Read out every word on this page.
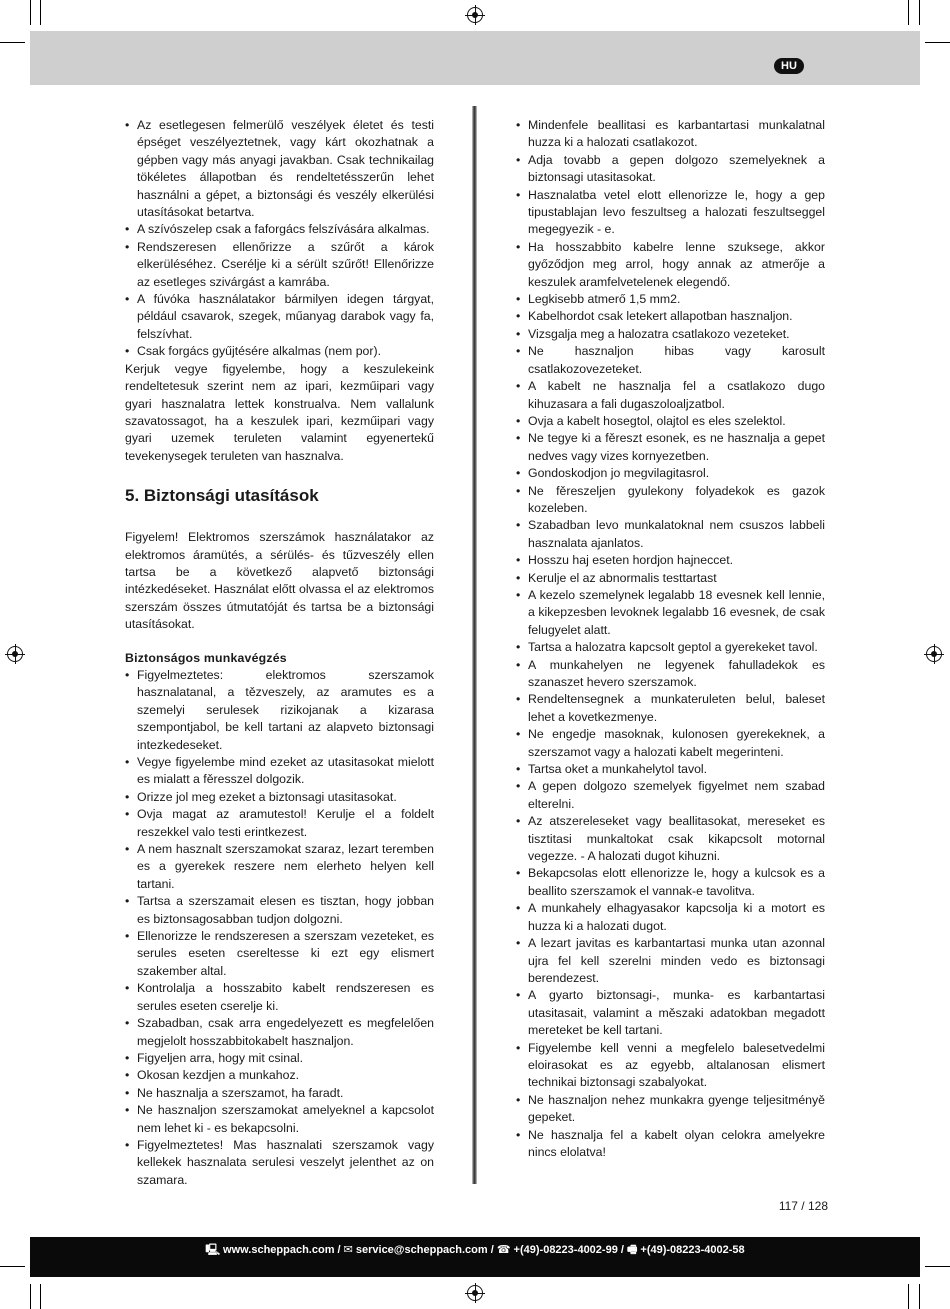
HU
• Az esetlegesen felmerülő veszélyek életet és testi épséget veszélyeztetnek, vagy kárt okozhatnak a gépben vagy más anyagi javakban. Csak technikailag tökéletes állapotban és rendeltetésszerűn lehet használni a gépet, a biztonsági és veszély elkerülési utasításokat betartva.
• A szívószelep csak a faforgács felszívására alkalmas.
• Rendszeresen ellenőrizze a szűrőt a károk elkerüléséhez. Cserélje ki a sérült szűrőt! Ellenőrizze az esetleges szivárgást a kamrába.
• A fúvóka használatakor bármilyen idegen tárgyat, például csavarok, szegek, műanyag darabok vagy fa, felszívhat.
• Csak forgács gyűjtésére alkalmas (nem por).

Kerjuk vegye figyelembe, hogy a keszulekeink rendeltetesuk szerint nem az ipari, kezműipari vagy gyari hasznalatra lettek konstrualva. Nem vallalunk szavatossagot, ha a keszulek ipari, kezműipari vagy gyari uzemek teruleten valamint egyenertekű tevekenysegek teruleten van hasznalva.

5. Biztonsági utasítások

Figyelem! Elektromos szerszámok használatakor az elektromos áramütés, a sérülés- és tűzveszély ellen tartsa be a következő alapvető biztonsági intézkedéseket. Használat előtt olvassa el az elektromos szerszám összes útmutatóját és tartsa be a biztonsági utasításokat.

Biztonságos munkavégzés
• Figyelmeztetes: elektromos szerszamok hasznalatanal, a tězveszely, az aramutes es a szemelyi serulesek rizikojanak a kizarasa szempontjabol, be kell tartani az alapveto biztonsagi intezkedeseket.
• Vegye figyelembe mind ezeket az utasitasokat mielott es mialatt a fěresszel dolgozik.
• Orizze jol meg ezeket a biztonsagi utasitasokat.
• Ovja magat az aramutestol! Kerulje el a foldelt reszekkel valo testi erintkezest.
• A nem hasznalt szerszamokat szaraz, lezart teremben es a gyerekek reszere nem elerheto helyen kell tartani.
• Tartsa a szerszamait elesen es tisztan, hogy jobban es biztonsagosabban tudjon dolgozni.
• Ellenorizze le rendszeresen a szerszam vezeteket, es serules eseten csereltesse ki ezt egy elismert szakember altal.
• Kontrolalja a hosszabito kabelt rendszeresen es serules eseten cserelje ki.
• Szabadban, csak arra engedelyezett es megfelelően megjelolt hosszabbitokabelt hasznaljon.
• Figyeljen arra, hogy mit csinal.
• Okosan kezdjen a munkahoz.
• Ne hasznalja a szerszamot, ha faradt.
• Ne hasznaljon szerszamokat amelyeknel a kapcsolot nem lehet ki - es bekapcsolni.
• Figyelmeztetes! Mas hasznalati szerszamok vagy kellekek hasznalata serulesi veszelyt jelenthet az on szamara.
• Mindenfele beallitasi es karbantartasi munkalatnal huzza ki a halozati csatlakozot.
• Adja tovabb a gepen dolgozo szemelyeknek a biztonsagi utasitasokat.
• Hasznalatba vetel elott ellenorizze le, hogy a gep tipustablajan levo feszultseg a halozati feszultseggel megegyezik - e.
• Ha hosszabbito kabelre lenne szuksege, akkor győződjon meg arrol, hogy annak az atmerője a keszulek aramfelvetelenek elegendő.
• Legkisebb atmerő 1,5 mm2.
• Kabelhordot csak letekert allapotban hasznaljon.
• Vizsgalja meg a halozatra csatlakozo vezeteket.
• Ne hasznaljon hibas vagy karosult csatlakozovezeteket.
• A kabelt ne hasznalja fel a csatlakozo dugo kihuzasara a fali dugaszoloaljzatbol.
• Ovja a kabelt hosegtol, olajtol es eles szelektol.
• Ne tegye ki a fěreszt esonek, es ne hasznalja a gepet nedves vagy vizes kornyezetben.
• Gondoskodjon jo megvilagitasrol.
• Ne fěreszeljen gyulekony folyadekok es gazok kozeleben.
• Szabadban levo munkalatoknal nem csuszos labbeli hasznalata ajanlatos.
• Hosszu haj eseten hordjon hajneccet.
• Kerulje el az abnormalis testtartast
• A kezelo szemelynek legalabb 18 evesnek kell lennie, a kikepzesben levoknek legalabb 16 evesnek, de csak felugyelet alatt.
• Tartsa a halozatra kapcsolt geptol a gyerekeket tavol.
• A munkahelyen ne legyenek fahulladekok es szanaszet hevero szerszamok.
• Rendeltensegnek a munkateruleten belul, baleset lehet a kovetkezmenye.
• Ne engedje masoknak, kulonosen gyerekeknek, a szerszamot vagy a halozati kabelt megerinteni.
• Tartsa oket a munkahelytol tavol.
• A gepen dolgozo szemelyek figyelmet nem szabad elterelni.
• Az atszereleseket vagy beallitasokat, mereseket es tisztitasi munkaltokat csak kikapcsolt motornal vegezze. - A halozati dugot kihuzni.
• Bekapcsolas elott ellenorizze le, hogy a kulcsok es a beallito szerszamok el vannak-e tavolitva.
• A munkahely elhagyasakor kapcsolja ki a motort es huzza ki a halozati dugot.
• A lezart javitas es karbantartasi munka utan azonnal ujra fel kell szerelni minden vedo es biztonsagi berendezest.
• A gyarto biztonsagi-, munka- es karbantartasi utasitasait, valamint a měszaki adatokban megadott mereteket be kell tartani.
• Figyelembe kell venni a megfelelo balesetvedelmi eloirasokat es az egyebb, altalanosan elismert technikai biztonsagi szabalyokat.
• Ne hasznaljon nehez munkakra gyenge teljesitményě gepeket.
• Ne hasznalja fel a kabelt olyan celokra amelyekre nincs elolatva!
117 / 128
🖳 www.scheppach.com / ✉ service@scheppach.com / ☎ +(49)-08223-4002-99 / 🖷 +(49)-08223-4002-58
